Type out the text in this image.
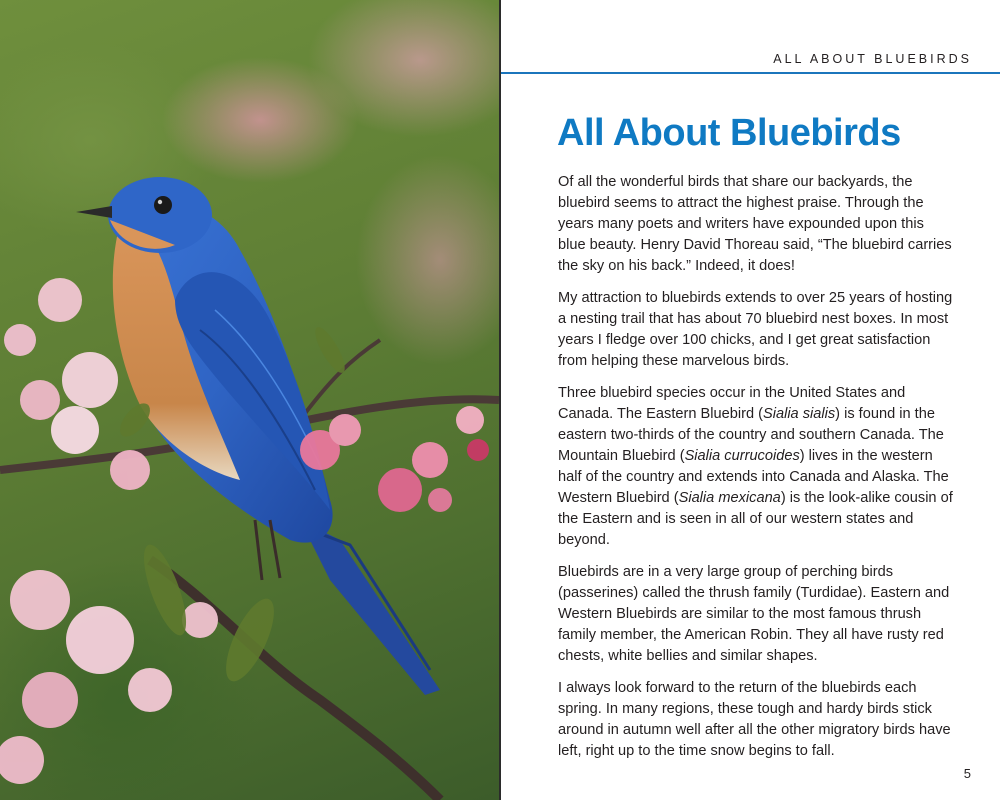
ALL ABOUT BLUEBIRDS
All About Bluebirds

Of all the wonderful birds that share our backyards, the bluebird seems to attract the highest praise. Through the years many poets and writers have expounded upon this blue beauty. Henry David Thoreau said, “The bluebird carries the sky on his back.” Indeed, it does!

My attraction to bluebirds extends to over 25 years of hosting a nesting trail that has about 70 bluebird nest boxes. In most years I fledge over 100 chicks, and I get great satisfaction from helping these marvelous birds.

Three bluebird species occur in the United States and Canada. The Eastern Bluebird (Sialia sialis) is found in the eastern two-thirds of the country and southern Canada. The Mountain Bluebird (Sialia currucoides) lives in the western half of the country and extends into Canada and Alaska. The Western Bluebird (Sialia mexicana) is the look-alike cousin of the Eastern and is seen in all of our western states and beyond.

Bluebirds are in a very large group of perching birds (passerines) called the thrush family (Turdidae). Eastern and Western Bluebirds are similar to the most famous thrush family member, the American Robin. They all have rusty red chests, white bellies and similar shapes.

I always look forward to the return of the bluebirds each spring. In many regions, these tough and hardy birds stick around in autumn well after all the other migratory birds have left, right up to the time snow begins to fall.

5
